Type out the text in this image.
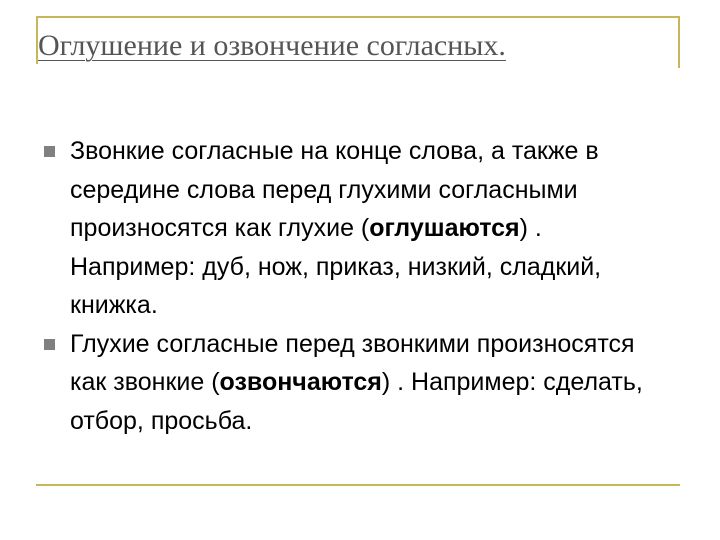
Оглушение и озвончение согласных.
Звонкие согласные на конце слова, а также в середине слова перед глухими согласными произносятся как глухие (оглушаются) . Например: дуб, нож, приказ, низкий, сладкий, книжка.
Глухие согласные перед звонкими произносятся как звонкие (озвончаются) . Например: сделать, отбор, просьба.
